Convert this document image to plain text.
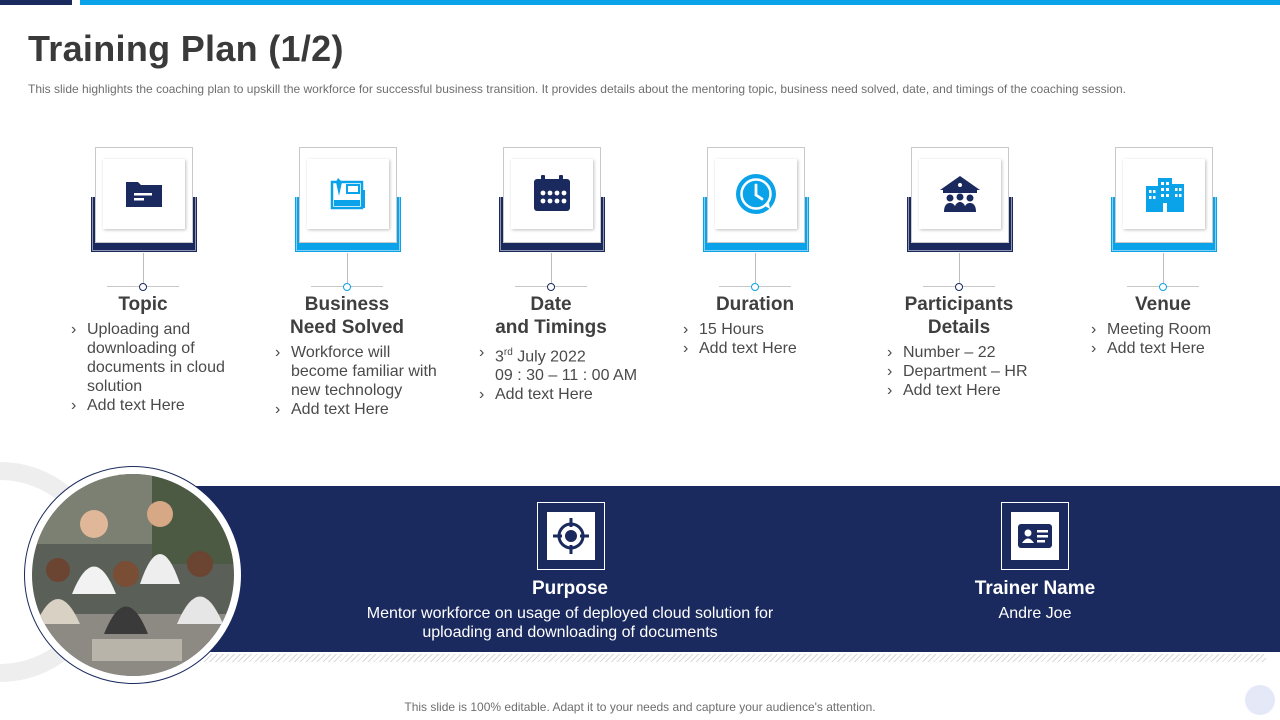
Training Plan (1/2)
This slide highlights the coaching plan to upskill the workforce for successful business transition. It provides details about the mentoring topic, business need solved, date, and timings of the coaching session.
Topic
› Uploading and downloading of documents in cloud solution
› Add text Here
Business
Need Solved
› Workforce will become familiar with new technology
› Add text Here
Date
and Timings
› 3rd July 2022
09 : 30 – 11 : 00 AM
› Add text Here
Duration
› 15 Hours
› Add text Here
Participants
Details
› Number – 22
› Department – HR
› Add text Here
Venue
› Meeting Room
› Add text Here
Purpose
Mentor workforce on usage of deployed cloud solution for
uploading and downloading of documents
Trainer Name
Andre Joe
This slide is 100% editable. Adapt it to your needs and capture your audience's attention.
